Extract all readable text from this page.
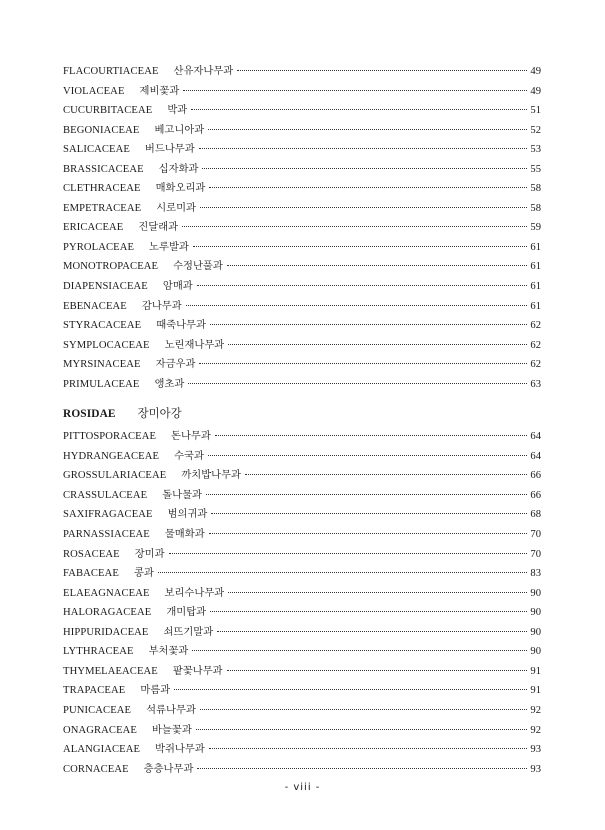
FLACOURTIACEAE 산유자나무과	49
VIOLACEAE 제비꽃과	49
CUCURBITACEAE 박과	51
BEGONIACEAE 베고니아과	52
SALICACEAE 버드나무과	53
BRASSICACEAE 십자화과	55
CLETHRACEAE 매화오리과	58
EMPETRACEAE 시로미과	58
ERICACEAE 진달래과	59
PYROLACEAE 노루발과	61
MONOTROPACEAE 수정난풀과	61
DIAPENSIACEAE 암매과	61
EBENACEAE 감나무과	61
STYRACACEAE 때죽나무과	62
SYMPLOCACEAE 노린재나무과	62
MYRSINACEAE 자금우과	62
PRIMULACEAE 앵초과	63
ROSIDAE 장미아강
PITTOSPORACEAE 돈나무과	64
HYDRANGEACEAE 수국과	64
GROSSULARIACEAE 까치밥나무과	66
CRASSULACEAE 돌나물과	66
SAXIFRAGACEAE 범의귀과	68
PARNASSIACEAE 물매화과	70
ROSACEAE 장미과	70
FABACEAE 콩과	83
ELAEAGNACEAE 보리수나무과	90
HALORAGACEAE 개미탑과	90
HIPPURIDACEAE 쇠뜨기말과	90
LYTHRACEAE 부처꽃과	90
THYMELAEACEAE 팥꽃나무과	91
TRAPACEAE 마름과	91
PUNICACEAE 석류나무과	92
ONAGRACEAE 바늘꽃과	92
ALANGIACEAE 박쥐나무과	93
CORNACEAE 층층나무과	93
- viii -
